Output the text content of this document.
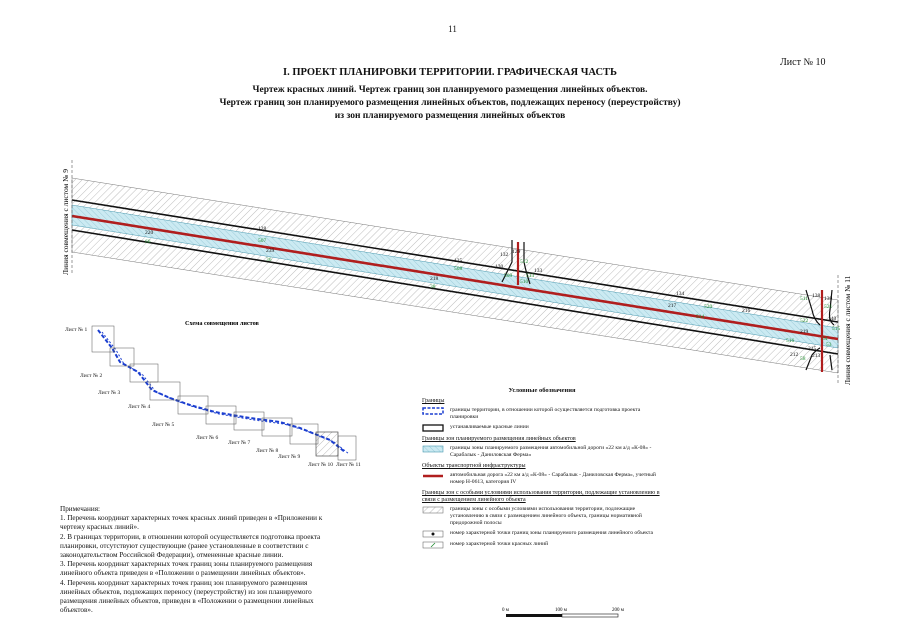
11
Лист № 10
I. ПРОЕКТ ПЛАНИРОВКИ ТЕРРИТОРИИ. ГРАФИЧЕСКАЯ ЧАСТЬ
Чертеж красных линий. Чертеж границ зон планируемого размещения линейных объектов.
Чертеж границ зон планируемого размещения линейных объектов, подлежащих переносу (переустройству)
из зон планируемого размещения линейных объектов
Линия совмещения с листом № 9
Линия совмещения с листом № 11
220
128
239
125
218
132 129
130
133
134
217
216
138 139
140
219
215
212	213
66	507
36
508
38
509
512
510
513
511
521
522
515
516
58
54
53
520
514
Схема совмещения листов
Лист № 1
Лист № 2
Лист № 3
Лист № 4
Лист № 5
Лист № 6
Лист № 7
Лист № 8
Лист № 9
Лист № 10 Лист № 11
0 м	100 м	200 м
Условные обозначения
Границы
границы территории, в отношении которой осуществляется подготовка проекта планировки
устанавливаемые красные линии
Границы зон планируемого размещения линейных объектов
границы зоны планируемого размещения автомобильной дороги «22 км а/д «К-08» - Сарабалык - Даниловская Ферма»
Объекты транспортной инфраструктуры
автомобильная дорога «22 км а/д «К-08» - Сарабалык - Даниловская Ферма», учетный номер Н-0613, категория IV
Границы зон с особыми условиями использования территории, подлежащие установлению в связи с размещением линейного объекта
границы зоны с особыми условиями использования территории, подлежащие установлению в связи с размещением линейного объекта, границы нормативной придорожной полосы
номер характерной точки границ зоны планируемого размещения линейного объекта
номер характерной точки красных линий

Примечания:

1. Перечень координат характерных точек красных линий приведен в «Приложении к чертежу красных линий».

2. В границах территории, в отношении которой осуществляется подготовка проекта планировки, отсутствуют существующие (ранее установленные в соответствии с законодательством Российской Федерации), отмененные красные линии.

3. Перечень координат характерных точек границ зоны планируемого размещения линейного объекта приведен в «Положении о размещении линейных объектов».

4. Перечень координат характерных точек границ зон планируемого размещения линейных объектов, подлежащих переносу (переустройству) из зон планируемого размещения линейных объектов, приведен в «Положении о размещении линейных объектов».
